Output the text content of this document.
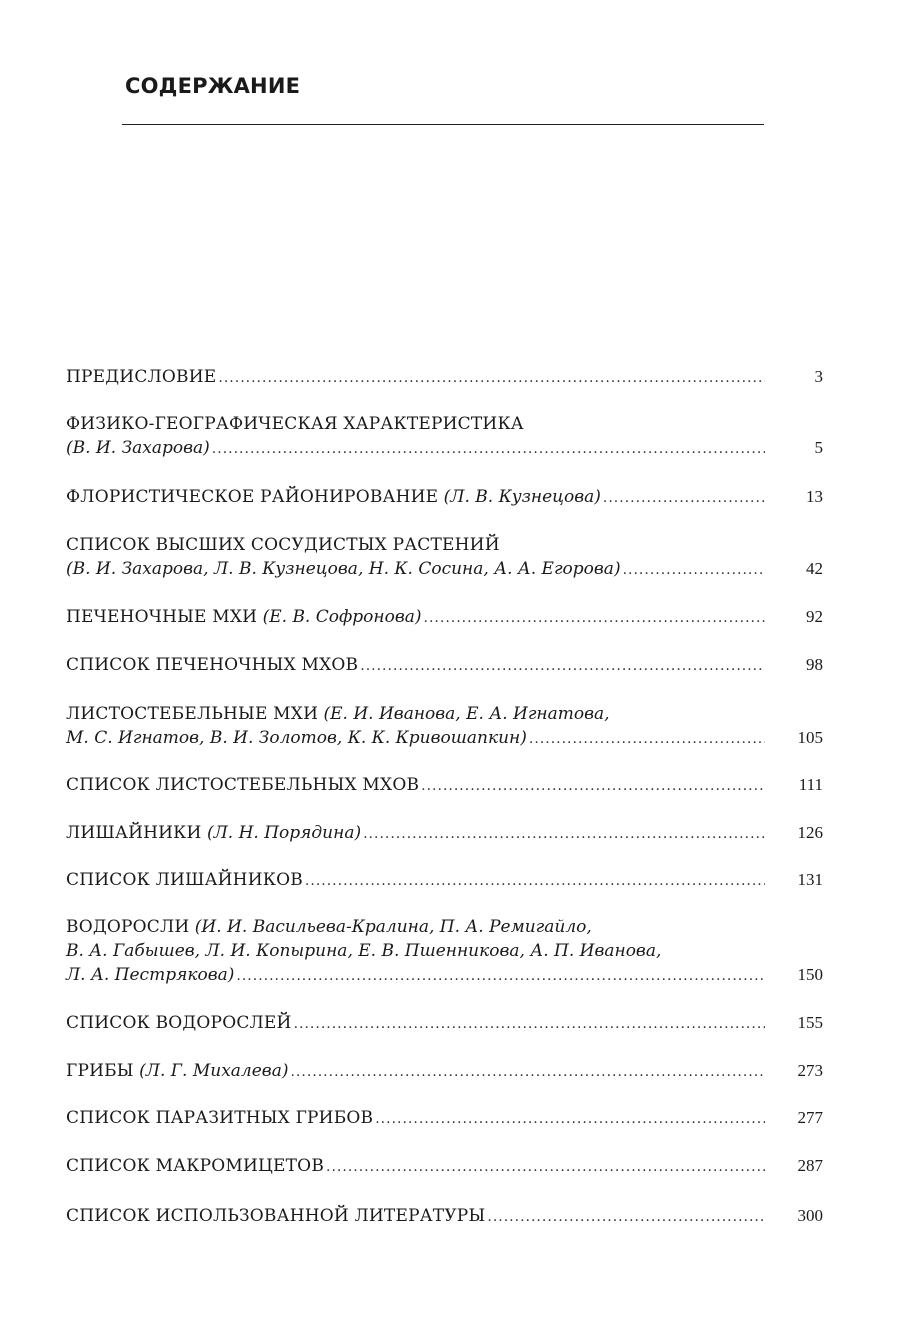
СОДЕРЖАНИЕ
ПРЕДИСЛОВИЕ .....	3
ФИЗИКО-ГЕОГРАФИЧЕСКАЯ ХАРАКТЕРИСТИКА
(В. И. Захарова) .....	5
ФЛОРИСТИЧЕСКОЕ РАЙОНИРОВАНИЕ
(Л. В. Кузнецова) .....	13
СПИСОК ВЫСШИХ СОСУДИСТЫХ РАСТЕНИЙ
(В. И. Захарова, Л. В. Кузнецова, Н. К. Сосина, А. А. Егорова) .....	42
ПЕЧЕНОЧНЫЕ МХИ
(Е. В. Софронова) .....	92
СПИСОК ПЕЧЕНОЧНЫХ МХОВ .....	98
ЛИСТОСТЕБЕЛЬНЫЕ МХИ
(Е. И. Иванова, Е. А. Игнатова,
М. С. Игнатов, В. И. Золотов, К. К. Кривошапкин) .....	105
СПИСОК ЛИСТОСТЕБЕЛЬНЫХ МХОВ .....	111
ЛИШАЙНИКИ
(Л. Н. Порядина) .....	126
СПИСОК ЛИШАЙНИКОВ .....	131
ВОДОРОСЛИ
(И. И. Васильева-Кралина, П. А. Ремигайло,
В. А. Габышев, Л. И. Копырина, Е. В. Пшенникова, А. П. Иванова,
Л. А. Пестрякова) .....	150
СПИСОК ВОДОРОСЛЕЙ .....	155
ГРИБЫ
(Л. Г. Михалева) .....	273
СПИСОК ПАРАЗИТНЫХ ГРИБОВ .....	277
СПИСОК МАКРОМИЦЕТОВ .....	287
СПИСОК ИСПОЛЬЗОВАННОЙ ЛИТЕРАТУРЫ .....	300
